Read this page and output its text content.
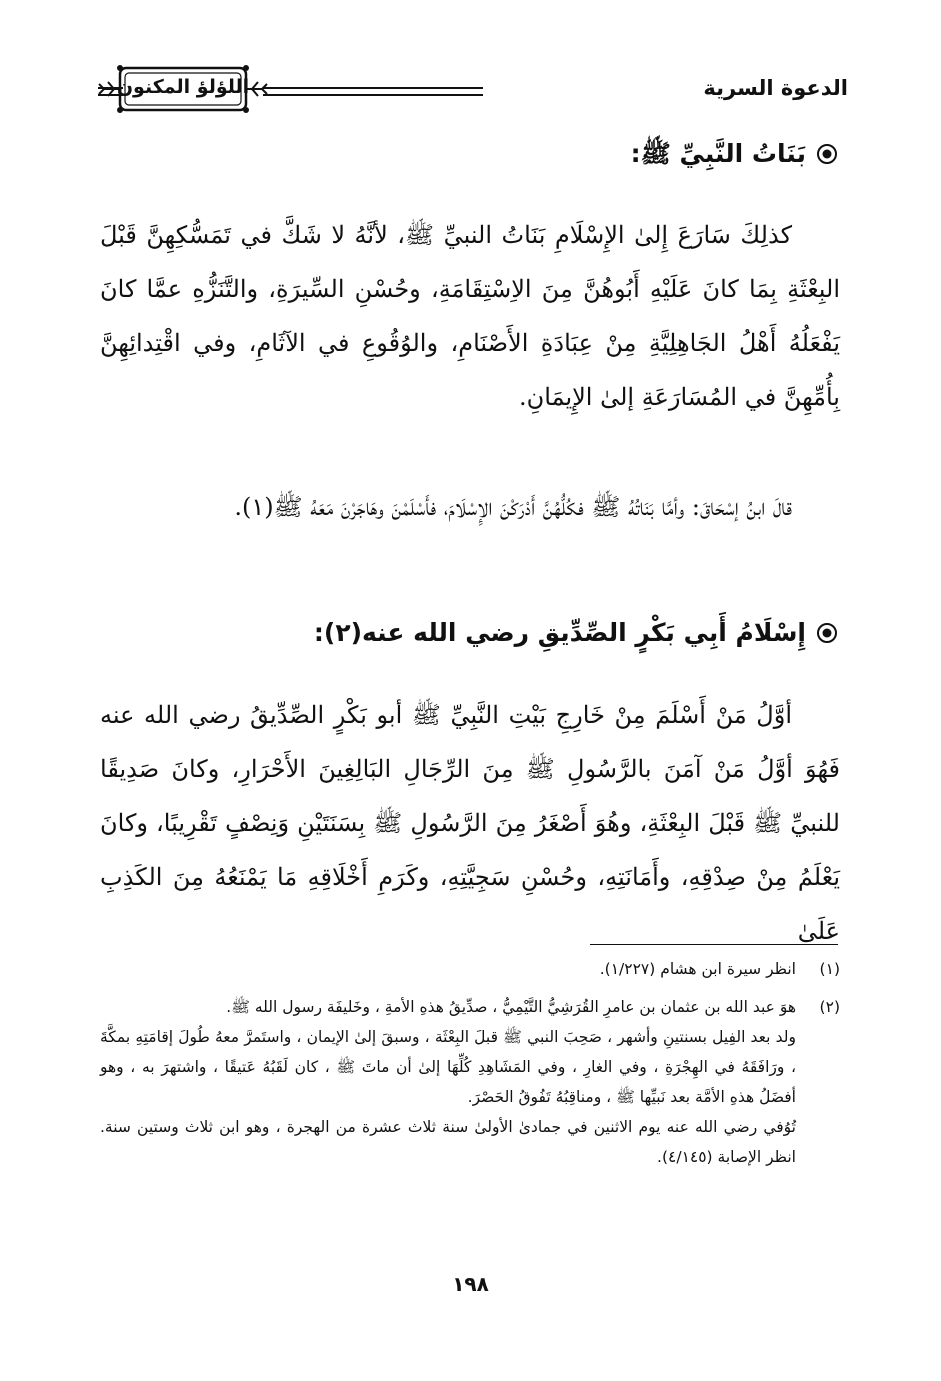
الدعوة السرية
اللؤلؤ المكنون
بَنَاتُ النَّبِيِّ ﷺ:
كذلِكَ سَارَعَ إِلىٰ الإِسْلَامِ بَنَاتُ النبيِّ ﷺ، لأنَّهُ لا شَكَّ في تَمَسُّكِهِنَّ قَبْلَ البِعْثَةِ بِمَا كانَ عَلَيْهِ أَبُوهُنَّ مِنَ الاِسْتِقَامَةِ، وحُسْنِ السِّيرَةِ، والتَّنَزُّهِ عمَّا كانَ يَفْعَلُهُ أَهْلُ الجَاهِلِيَّةِ مِنْ عِبَادَةِ الأَصْنَامِ، والوُقُوعِ في الآثَامِ، وفي اقْتِدائِهِنَّ بِأُمِّهِنَّ في المُسَارَعَةِ إلىٰ الإِيمَانِ.
قالَ ابنُ إسْحَاقَ: وأمَّا بَنَاتُهُ ﷺ فكُلُّهُنَّ أَدْرَكْنَ الإِسْلَامَ، فأَسْلَمْنَ وهَاجَرْنَ مَعَهُ ﷺ(١).
إِسْلَامُ أَبِي بَكْرٍ الصِّدِّيقِ رضي الله عنه(٢):
أوَّلُ مَنْ أَسْلَمَ مِنْ خَارِجِ بَيْتِ النَّبِيِّ ﷺ أبو بَكْرٍ الصِّدِّيقُ رضي الله عنه فَهُوَ أوَّلُ مَنْ آمَنَ بالرَّسُولِ ﷺ مِنَ الرِّجَالِ البَالِغِينَ الأَحْرَارِ، وكانَ صَدِيقًا للنبيِّ ﷺ قَبْلَ البِعْثَةِ، وهُوَ أَصْغَرُ مِنَ الرَّسُولِ ﷺ بِسَنَتَيْنِ وَنِصْفٍ تَقْرِيبًا، وكانَ يَعْلَمُ مِنْ صِدْقِهِ، وأَمَانَتِهِ، وحُسْنِ سَجِيَّتِهِ، وكَرَمِ أَخْلَاقِهِ مَا يَمْنَعُهُ مِنَ الكَذِبِ عَلَىٰ
(١)
انظر سيرة ابن هشام (١/٢٢٧).
(٢)
هوَ عبد الله بن عثمان بن عامرِ القُرَشِيُّ التَّيْمِيُّ ، صدِّيقُ هذهِ الأمةِ ، وخَليفَة رسول الله ﷺ.
ولد بعد الفِيل بسنتينِ وأشهر ، صَحِبَ النبي ﷺ قبلَ البِعْثَة ، وسبقَ إلىٰ الإيمان ، واستَمرَّ معهُ طُولَ إقامَتِهِ بمكَّةَ ، ورَافَقَهُ في الهِجْرَةِ ، وفي الغارِ ، وفي المَشَاهِدِ كُلِّهَا إلىٰ أن ماتَ ﷺ ، كان لَقَبُهُ عَتيقًا ، واشتهرَ به ، وهو أفضَلُ هذهِ الأمَّة بعد نَبيِّها ﷺ ، ومناقِبُهُ تَفُوقُ الحَصْرَ.
تُوُفي رضي الله عنه يوم الاثنين في جمادىٰ الأولىٰ سنة ثلاث عشرة من الهجرة ، وهو ابن ثلاث وستين سنة. انظر الإصابة (٤/١٤٥).
١٩٨
